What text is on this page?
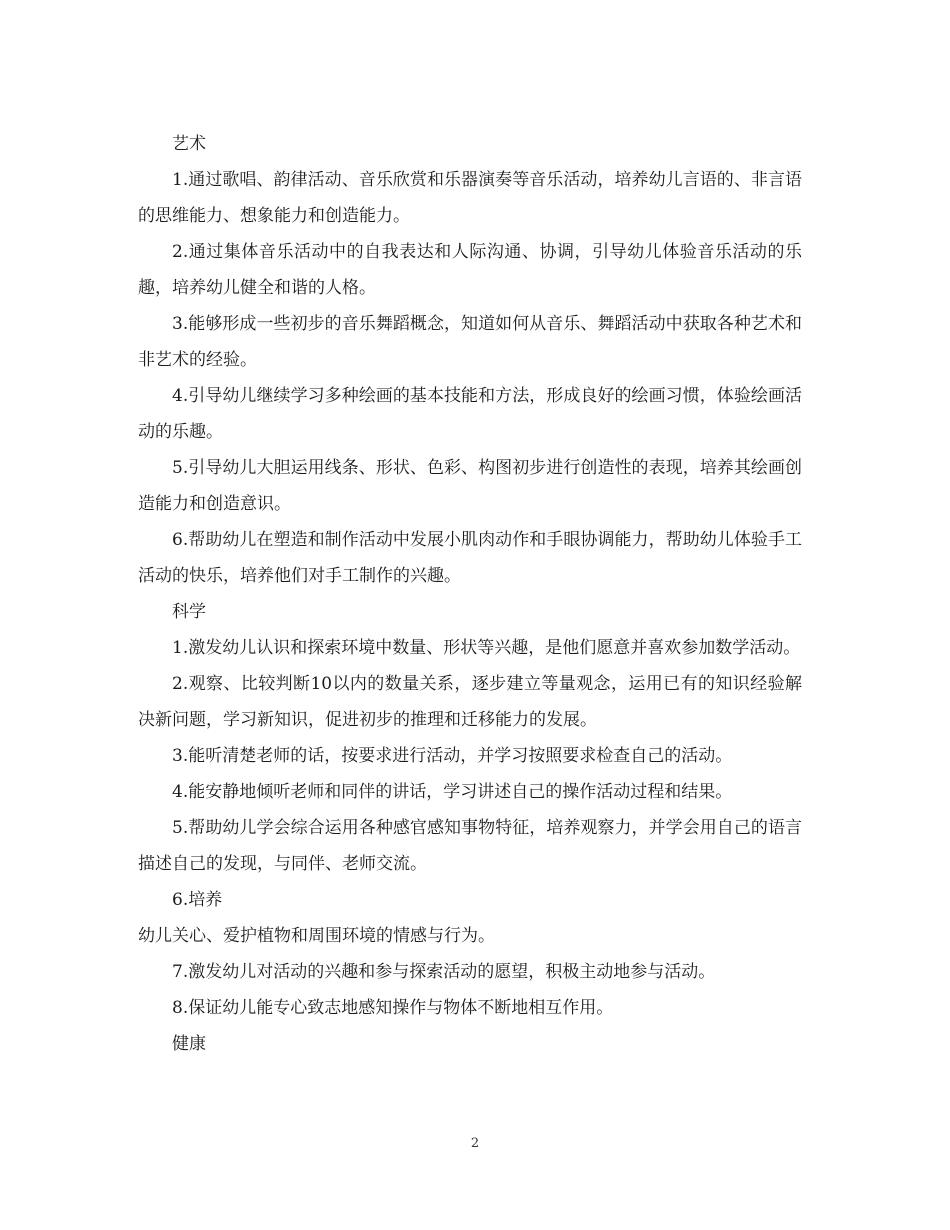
艺术

1.通过歌唱、韵律活动、音乐欣赏和乐器演奏等音乐活动，培养幼儿言语的、非言语的思维能力、想象能力和创造能力。

2.通过集体音乐活动中的自我表达和人际沟通、协调，引导幼儿体验音乐活动的乐趣，培养幼儿健全和谐的人格。

3.能够形成一些初步的音乐舞蹈概念，知道如何从音乐、舞蹈活动中获取各种艺术和非艺术的经验。

4.引导幼儿继续学习多种绘画的基本技能和方法，形成良好的绘画习惯，体验绘画活动的乐趣。

5.引导幼儿大胆运用线条、形状、色彩、构图初步进行创造性的表现，培养其绘画创造能力和创造意识。

6.帮助幼儿在塑造和制作活动中发展小肌肉动作和手眼协调能力，帮助幼儿体验手工活动的快乐，培养他们对手工制作的兴趣。

科学

1.激发幼儿认识和探索环境中数量、形状等兴趣，是他们愿意并喜欢参加数学活动。

2.观察、比较判断10以内的数量关系，逐步建立等量观念，运用已有的知识经验解决新问题，学习新知识，促进初步的推理和迁移能力的发展。

3.能听清楚老师的话，按要求进行活动，并学习按照要求检查自己的活动。

4.能安静地倾听老师和同伴的讲话，学习讲述自己的操作活动过程和结果。

5.帮助幼儿学会综合运用各种感官感知事物特征，培养观察力，并学会用自己的语言描述自己的发现，与同伴、老师交流。

6.培养

幼儿关心、爱护植物和周围环境的情感与行为。

7.激发幼儿对活动的兴趣和参与探索活动的愿望，积极主动地参与活动。

8.保证幼儿能专心致志地感知操作与物体不断地相互作用。

健康

2
